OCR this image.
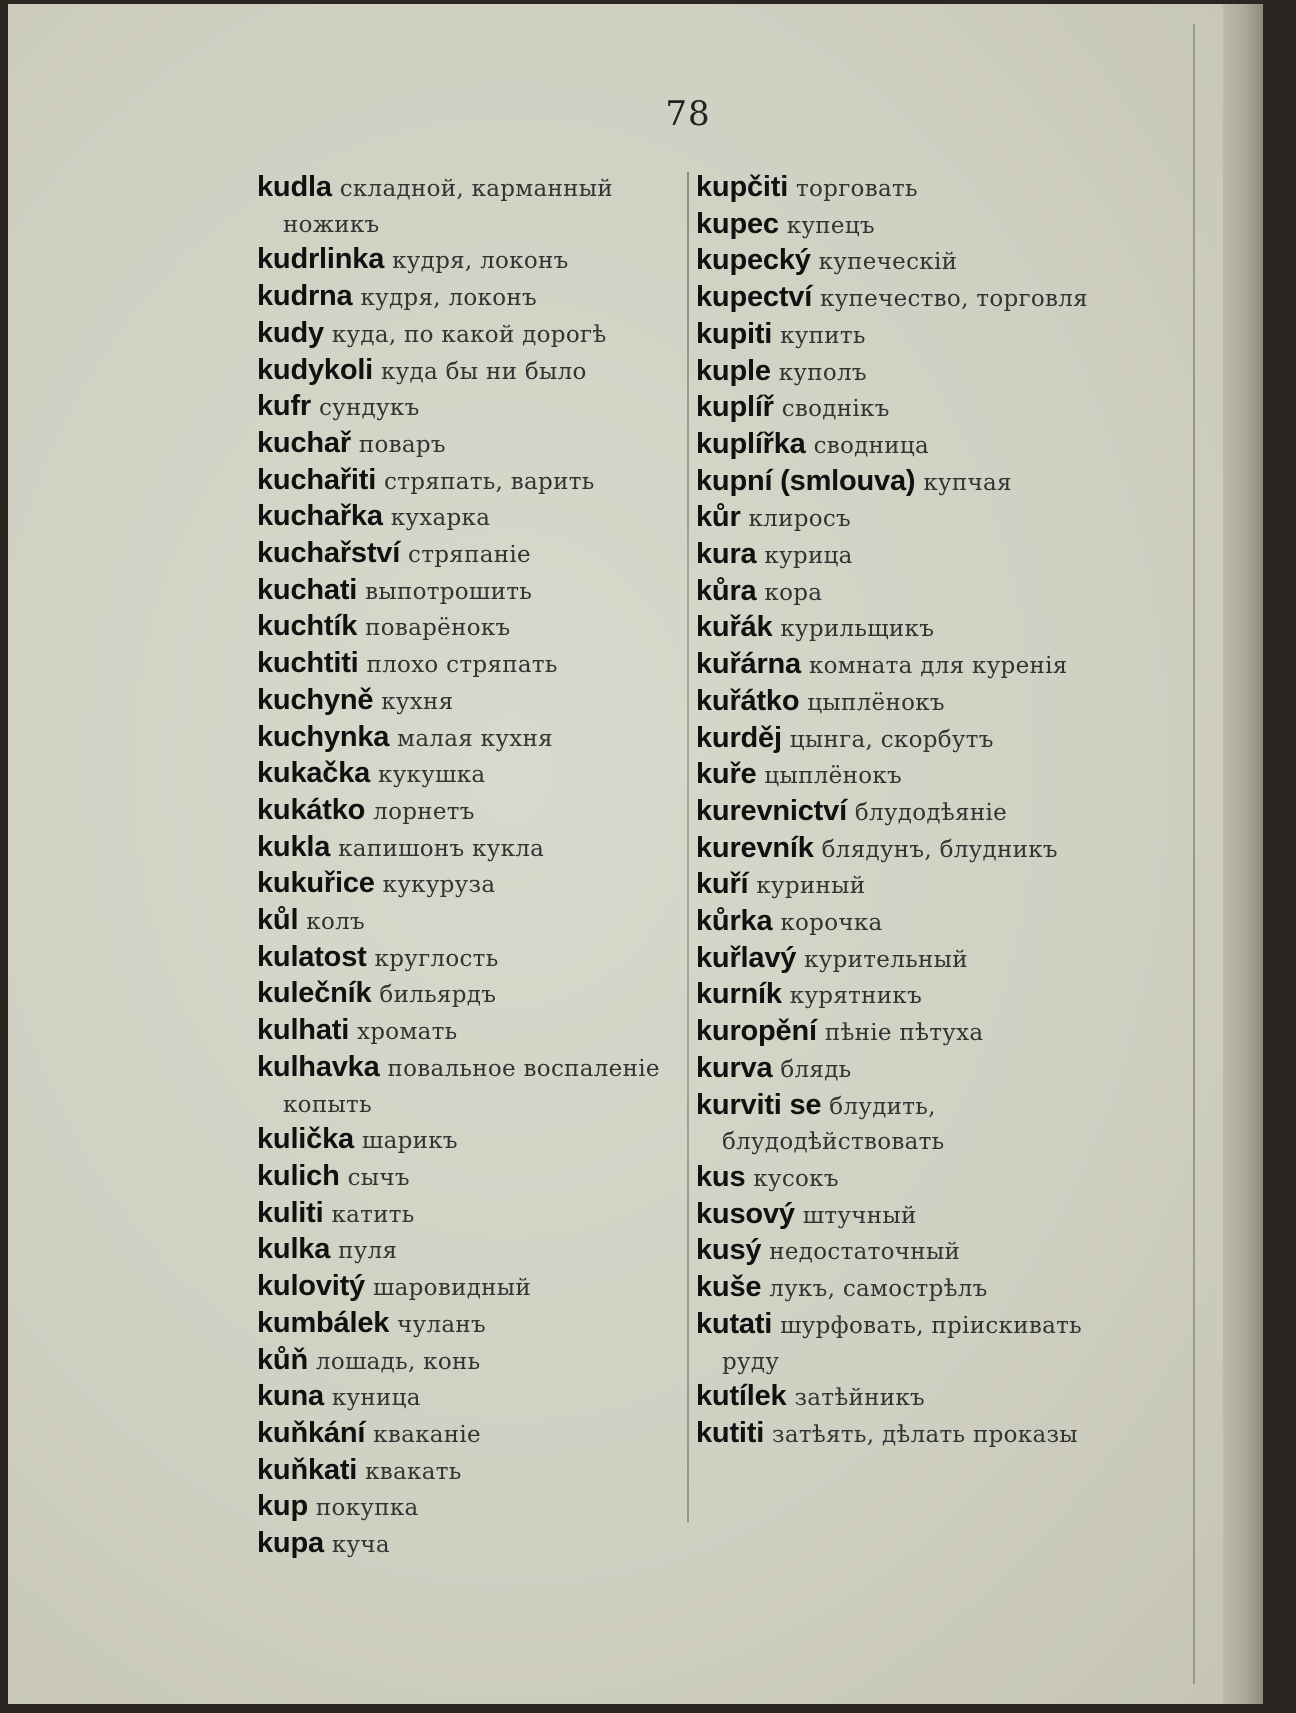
78
kudla складной, карманный ножикъ
kudrlinka кудря, локонъ
kudrna кудря, локонъ
kudy куда, по какой дорогѣ
kudykoli куда бы ни было
kufr сундукъ
kuchař поваръ
kuchařiti стряпать, варить
kuchařka кухарка
kuchařství стряпаніе
kuchati выпотрошить
kuchtík поварёнокъ
kuchtiti плохо стряпать
kuchyně кухня
kuchynka малая кухня
kukačka кукушка
kukátko лорнетъ
kukla капишонъ кукла
kukuřice кукуруза
kůl колъ
kulatost круглость
kulečník бильярдъ
kulhati хромать
kulhavka повальное воспаленіе копыть
kulička шарикъ
kulich сычъ
kuliti катить
kulka пуля
kulovitý шаровидный
kumbálek чуланъ
kůň лошадь, конь
kuna куница
kuňkání кваканіе
kuňkati квакать
kup покупка
kupa куча
kupčiti торговать
kupec купецъ
kupecký купеческій
kupectví купечество, торговля
kupiti купить
kuple куполъ
kuplíř своднікъ
kuplířka сводница
kupní (smlouva) купчая
kůr клиросъ
kura курица
kůra кора
kuřák курильщикъ
kuřárna комната для куренія
kuřátko цыплёнокъ
kurděj цынга, скорбутъ
kuře цыплёнокъ
kurevnictví блудодѣяніе
kurevník блядунъ, блудникъ
kuří куриный
kůrka корочка
kuřlavý курительный
kurník курятникъ
kuropění пѣніе пѣтуха
kurva блядь
kurviti se блудить, блудодѣйствовать
kus кусокъ
kusový штучный
kusý недостаточный
kuše лукъ, самострѣлъ
kutati шурфовать, пріискивать руду
kutílek затѣйникъ
kutiti затѣять, дѣлать проказы
